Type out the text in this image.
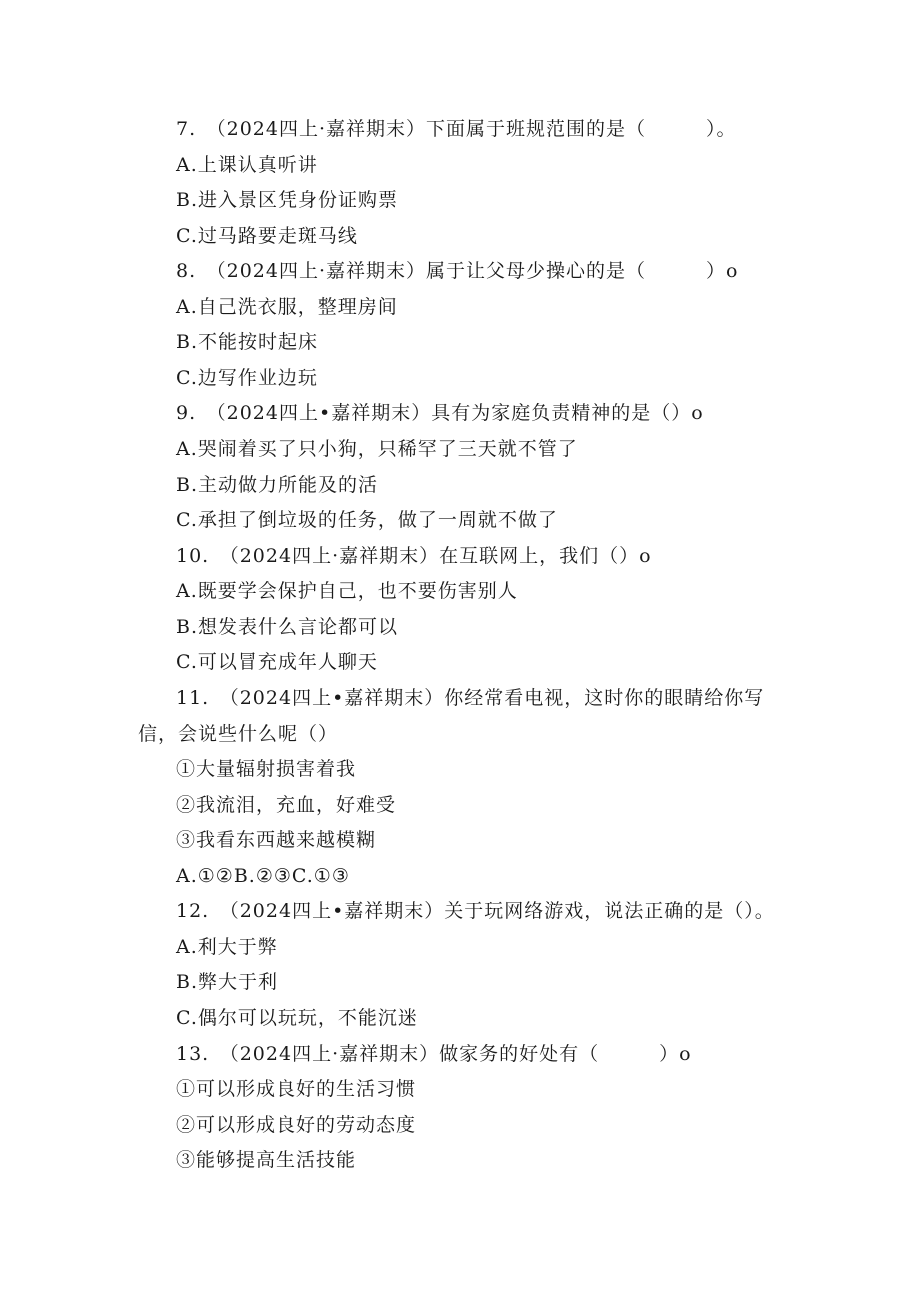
7.　（2024四上·嘉祥期末）下面属于班规范围的是（　　　）。
A.上课认真听讲
B.进入景区凭身份证购票
C.过马路要走斑马线
8.　（2024四上·嘉祥期末）属于让父母少操心的是（　　　）o
A.自己洗衣服，整理房间
B.不能按时起床
C.边写作业边玩
9.　（2024四上•嘉祥期末）具有为家庭负责精神的是（）o
A.哭闹着买了只小狗，只稀罕了三天就不管了
B.主动做力所能及的活
C.承担了倒垃圾的任务，做了一周就不做了
10.　（2024四上·嘉祥期末）在互联网上，我们（）o
A.既要学会保护自己，也不要伤害别人
B.想发表什么言论都可以
C.可以冒充成年人聊天
11.　（2024四上•嘉祥期末）你经常看电视，这时你的眼睛给你写
信，会说些什么呢（）
①大量辐射损害着我
②我流泪，充血，好难受
③我看东西越来越模糊
A.①②B.②③C.①③
12.　（2024四上•嘉祥期末）关于玩网络游戏，说法正确的是（）。
A.利大于弊
B.弊大于利
C.偶尔可以玩玩，不能沉迷
13.　（2024四上·嘉祥期末）做家务的好处有（　　　）o
①可以形成良好的生活习惯
②可以形成良好的劳动态度
③能够提高生活技能
